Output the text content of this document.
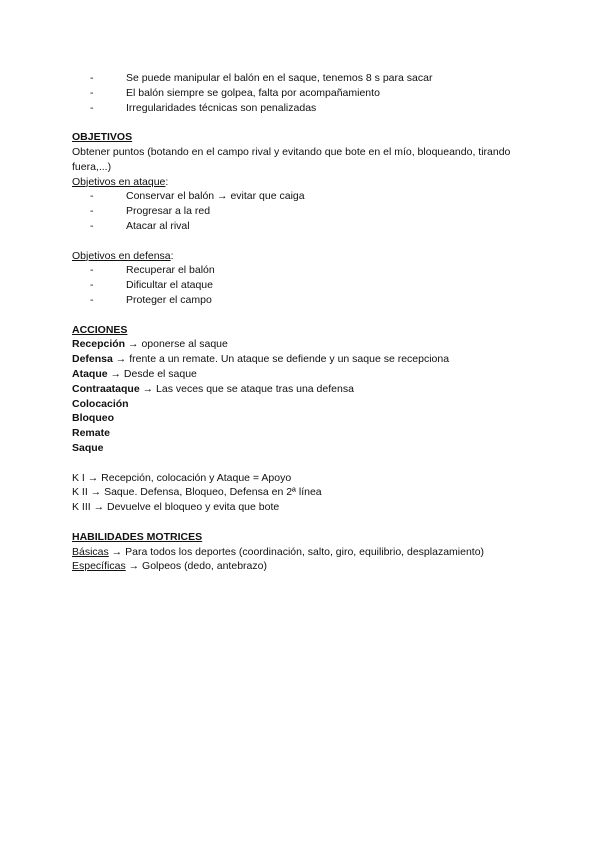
-	Se puede manipular el balón en el saque, tenemos 8 s para sacar
-	El balón siempre se golpea, falta por acompañamiento
-	Irregularidades técnicas son penalizadas

OBJETIVOS

Obtener puntos (botando en el campo rival y evitando que bote en el mío, bloqueando, tirando fuera,...)

Objetivos en ataque:

-	Conservar el balón → evitar que caiga
-	Progresar a la red
-	Atacar al rival

Objetivos en defensa:

-	Recuperar el balón
-	Dificultar el ataque
-	Proteger el campo

ACCIONES

Recepción → oponerse al saque

Defensa → frente a un remate. Un ataque se defiende y un saque se recepciona

Ataque → Desde el saque

Contraataque → Las veces que se ataque tras una defensa

Colocación

Bloqueo

Remate

Saque

K I → Recepción, colocación y Ataque = Apoyo

K II → Saque. Defensa, Bloqueo, Defensa en 2ª línea

K III → Devuelve el bloqueo y evita que bote

HABILIDADES MOTRICES

Básicas → Para todos los deportes (coordinación, salto, giro, equilibrio, desplazamiento)

Específicas → Golpeos (dedo, antebrazo)
